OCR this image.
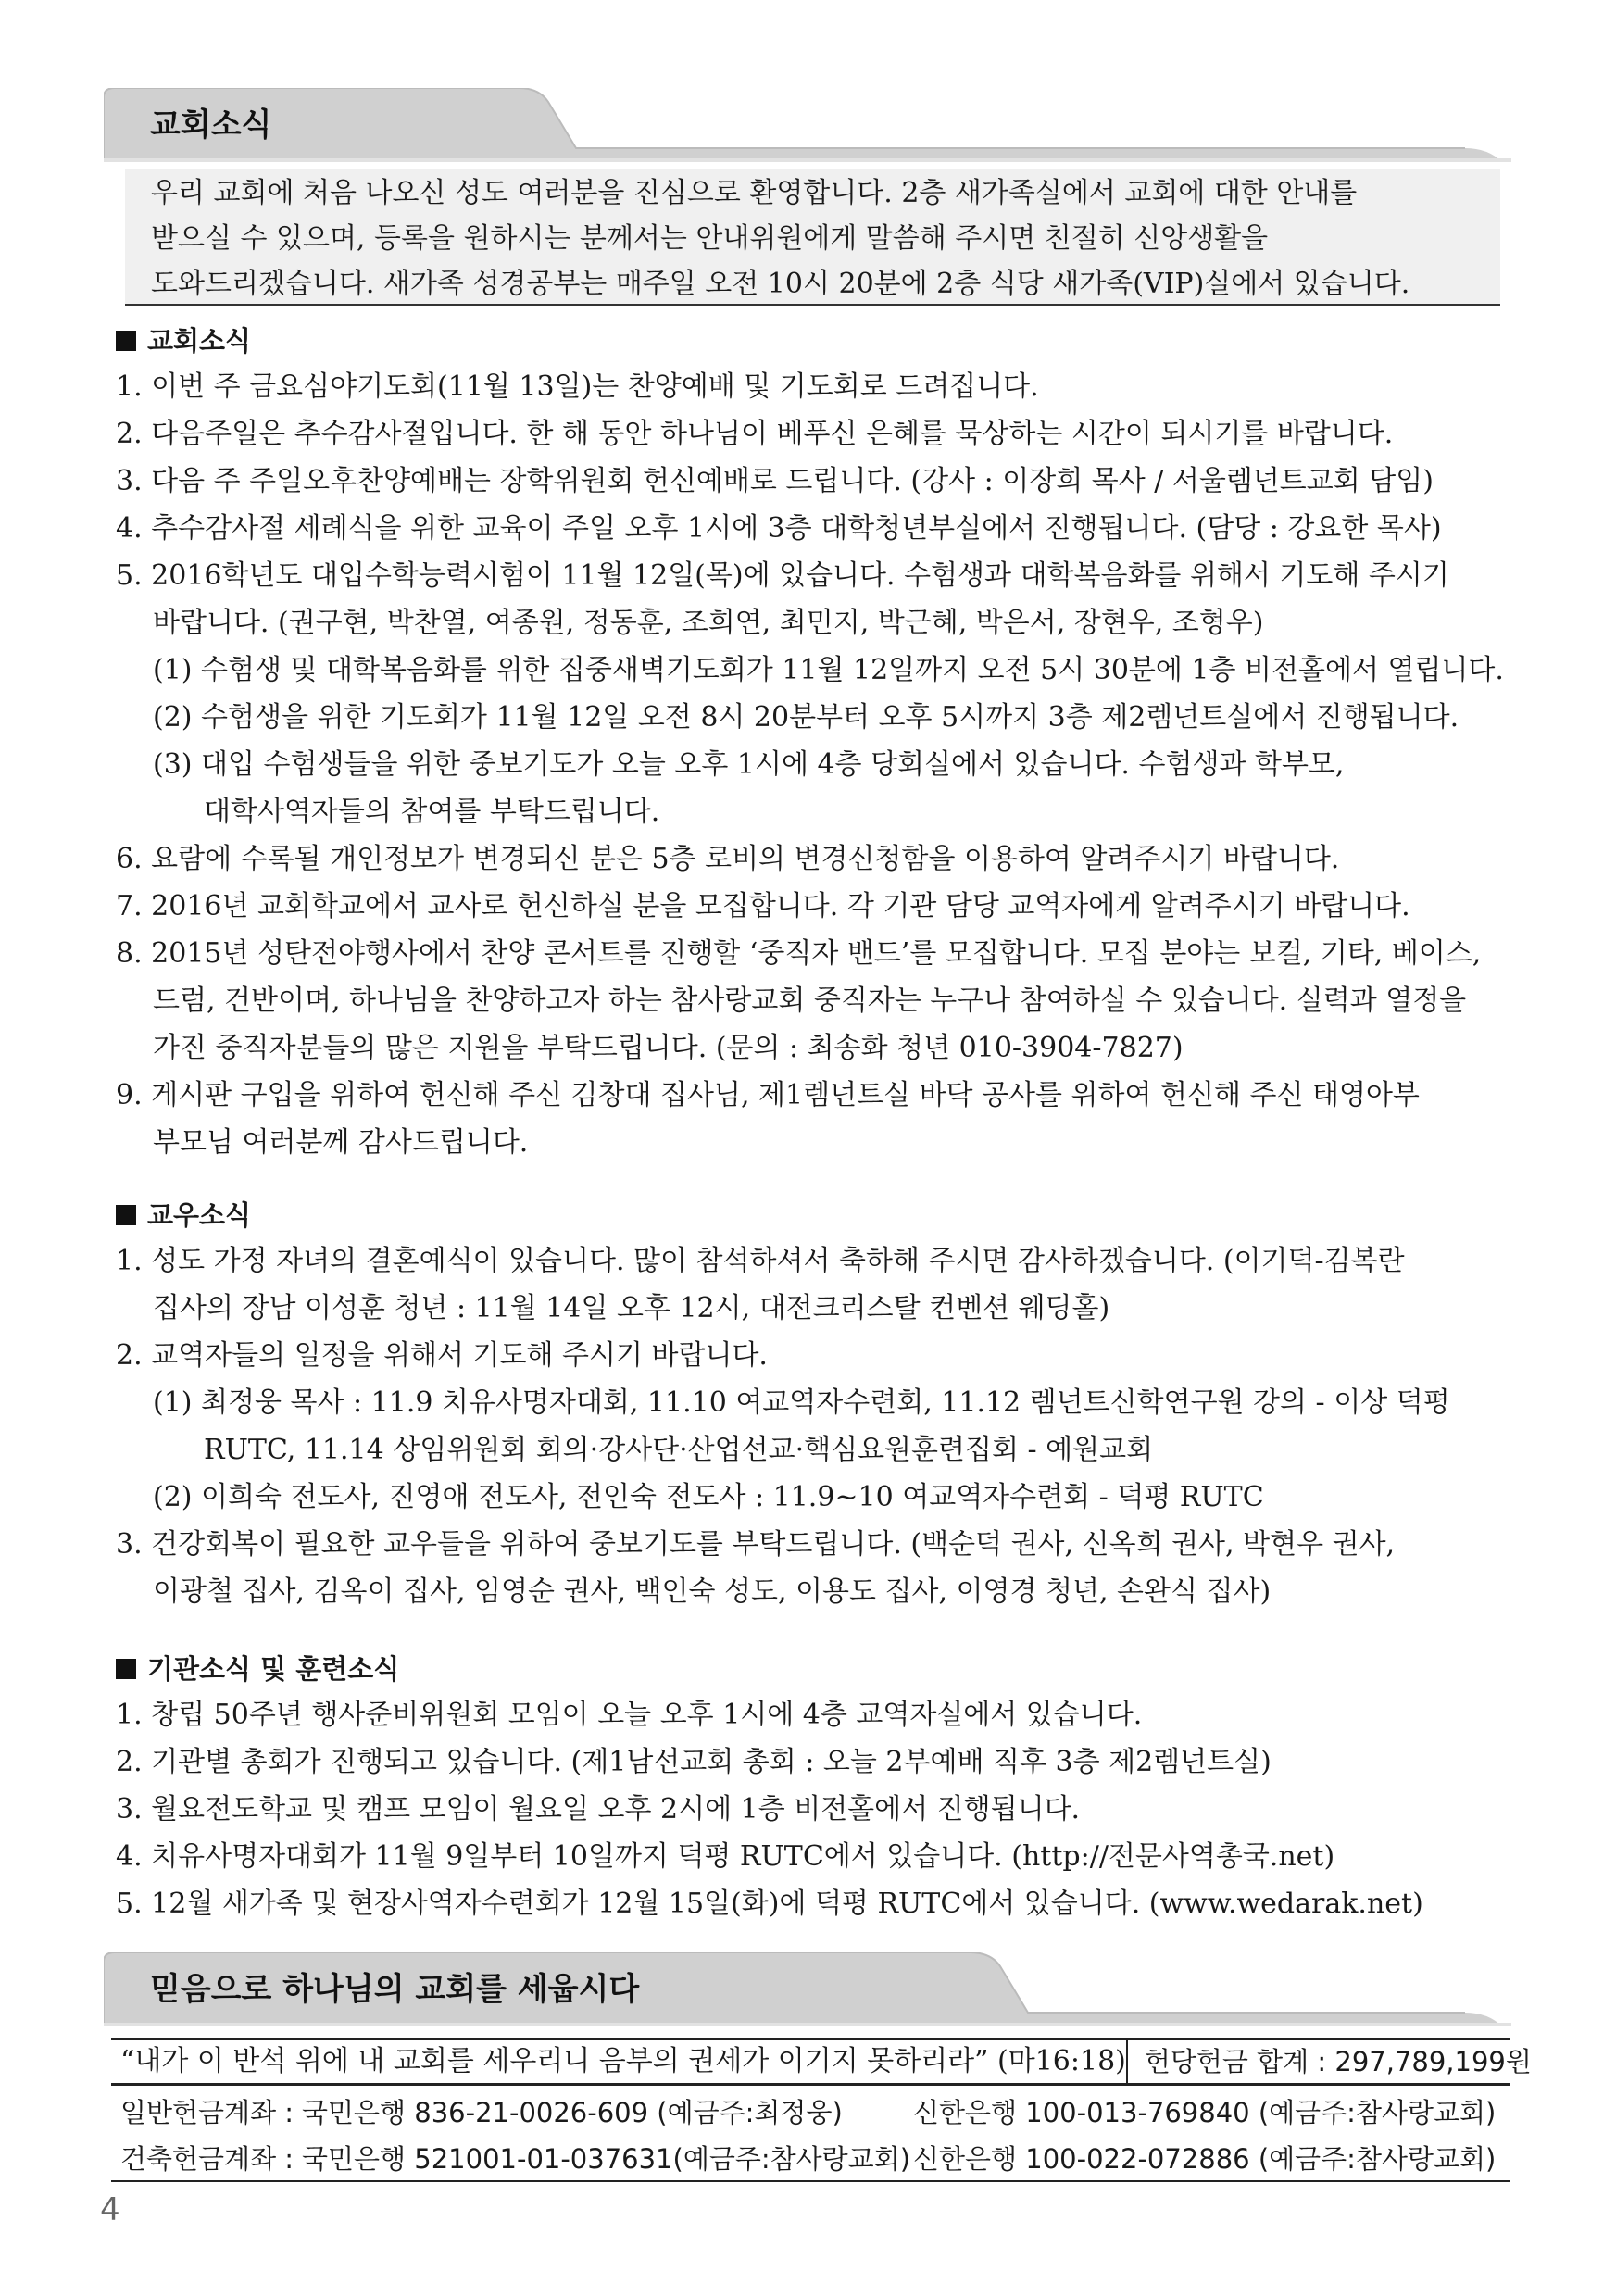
교회소식
우리 교회에 처음 나오신 성도 여러분을 진심으로 환영합니다. 2층 새가족실에서 교회에 대한 안내를
받으실 수 있으며, 등록을 원하시는 분께서는 안내위원에게 말씀해 주시면 친절히 신앙생활을
도와드리겠습니다. 새가족 성경공부는 매주일 오전 10시 20분에 2층 식당 새가족(VIP)실에서 있습니다.
교회소식
1. 이번 주 금요심야기도회(11월 13일)는 찬양예배 및 기도회로 드려집니다.
2. 다음주일은 추수감사절입니다. 한 해 동안 하나님이 베푸신 은혜를 묵상하는 시간이 되시기를 바랍니다.
3. 다음 주 주일오후찬양예배는 장학위원회 헌신예배로 드립니다. (강사 : 이장희 목사 / 서울렘넌트교회 담임)
4. 추수감사절 세례식을 위한 교육이 주일 오후 1시에 3층 대학청년부실에서 진행됩니다. (담당 : 강요한 목사)
5. 2016학년도 대입수학능력시험이 11월 12일(목)에 있습니다. 수험생과 대학복음화를 위해서 기도해 주시기
바랍니다. (권구현, 박찬열, 여종원, 정동훈, 조희연, 최민지, 박근혜, 박은서, 장현우, 조형우)
(1) 수험생 및 대학복음화를 위한 집중새벽기도회가 11월 12일까지 오전 5시 30분에 1층 비전홀에서 열립니다.
(2) 수험생을 위한 기도회가 11월 12일 오전 8시 20분부터 오후 5시까지 3층 제2렘넌트실에서 진행됩니다.
(3) 대입 수험생들을 위한 중보기도가 오늘 오후 1시에 4층 당회실에서 있습니다. 수험생과 학부모,
대학사역자들의 참여를 부탁드립니다.
6. 요람에 수록될 개인정보가 변경되신 분은 5층 로비의 변경신청함을 이용하여 알려주시기 바랍니다.
7. 2016년 교회학교에서 교사로 헌신하실 분을 모집합니다. 각 기관 담당 교역자에게 알려주시기 바랍니다.
8. 2015년 성탄전야행사에서 찬양 콘서트를 진행할 ‘중직자 밴드’를 모집합니다. 모집 분야는 보컬, 기타, 베이스,
드럼, 건반이며, 하나님을 찬양하고자 하는 참사랑교회 중직자는 누구나 참여하실 수 있습니다. 실력과 열정을
가진 중직자분들의 많은 지원을 부탁드립니다. (문의 : 최송화 청년 010-3904-7827)
9. 게시판 구입을 위하여 헌신해 주신 김창대 집사님, 제1렘넌트실 바닥 공사를 위하여 헌신해 주신 태영아부
부모님 여러분께 감사드립니다.
교우소식
1. 성도 가정 자녀의 결혼예식이 있습니다. 많이 참석하셔서 축하해 주시면 감사하겠습니다. (이기덕-김복란
집사의 장남 이성훈 청년 : 11월 14일 오후 12시, 대전크리스탈 컨벤션 웨딩홀)
2. 교역자들의 일정을 위해서 기도해 주시기 바랍니다.
(1) 최정웅 목사 : 11.9 치유사명자대회, 11.10 여교역자수련회, 11.12 렘넌트신학연구원 강의 - 이상 덕평
RUTC, 11.14 상임위원회 회의·강사단·산업선교·핵심요원훈련집회 - 예원교회
(2) 이희숙 전도사, 진영애 전도사, 전인숙 전도사 : 11.9~10 여교역자수련회 - 덕평 RUTC
3. 건강회복이 필요한 교우들을 위하여 중보기도를 부탁드립니다. (백순덕 권사, 신옥희 권사, 박현우 권사,
이광철 집사, 김옥이 집사, 임영순 권사, 백인숙 성도, 이용도 집사, 이영경 청년, 손완식 집사)
기관소식 및 훈련소식
1. 창립 50주년 행사준비위원회 모임이 오늘 오후 1시에 4층 교역자실에서 있습니다.
2. 기관별 총회가 진행되고 있습니다. (제1남선교회 총회 : 오늘 2부예배 직후 3층 제2렘넌트실)
3. 월요전도학교 및 캠프 모임이 월요일 오후 2시에 1층 비전홀에서 진행됩니다.
4. 치유사명자대회가 11월 9일부터 10일까지 덕평 RUTC에서 있습니다. (http://전문사역총국.net)
5. 12월 새가족 및 현장사역자수련회가 12월 15일(화)에 덕평 RUTC에서 있습니다. (www.wedarak.net)
믿음으로 하나님의 교회를 세웁시다
“내가 이 반석 위에 내 교회를 세우리니 음부의 권세가 이기지 못하리라” (마16:18) 헌당헌금 합계 : 297,789,199원
일반헌금계좌 : 국민은행 836-21-0026-609 (예금주:최정웅)	신한은행 100-013-769840 (예금주:참사랑교회)
건축헌금계좌 : 국민은행 521001-01-037631(예금주:참사랑교회) 신한은행 100-022-072886 (예금주:참사랑교회)
4
